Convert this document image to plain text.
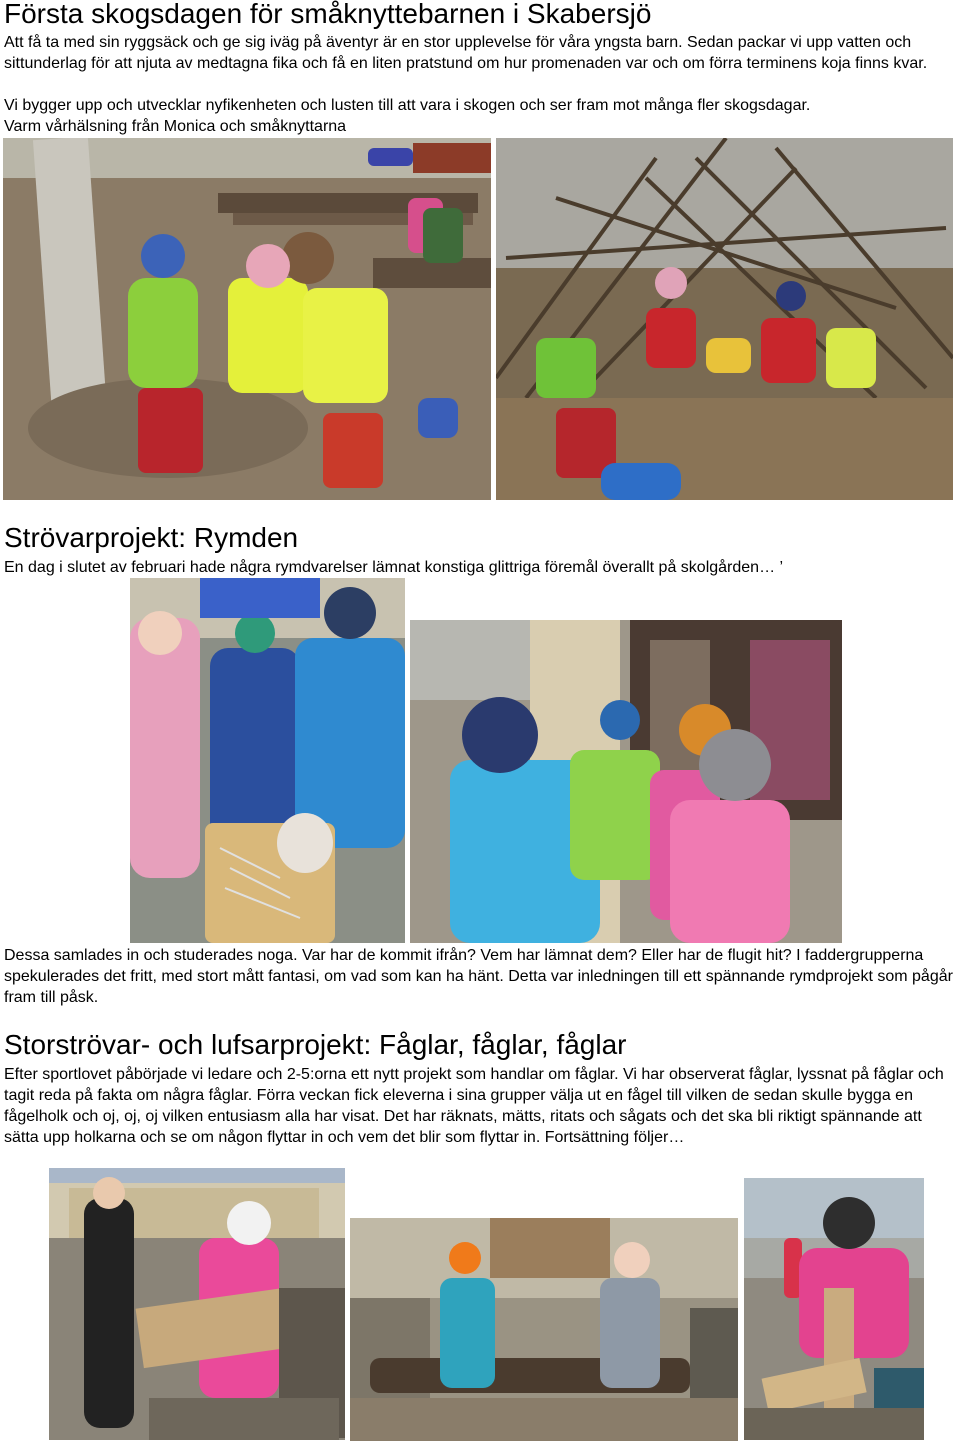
Första skogsdagen för småknyttebarnen i Skabersjö

Att få ta med sin ryggsäck och ge sig iväg på äventyr är en stor upplevelse för våra yngsta barn. Sedan packar vi upp vatten och sittunderlag för att njuta av medtagna fika och få en liten pratstund om hur promenaden var och om förra terminens koja finns kvar.

Vi bygger upp och utvecklar nyfikenheten och lusten till att vara i skogen och ser fram mot många fler skogsdagar.

Varm vårhälsning från Monica och småknyttarna

Strövarprojekt: Rymden

En dag i slutet av februari hade några rymdvarelser lämnat konstiga glittriga föremål överallt på skolgården… ’

Dessa samlades in och studerades noga. Var har de kommit ifrån? Vem har lämnat dem? Eller har de flugit hit? I faddergrupperna spekulerades det fritt, med stort mått fantasi, om vad som kan ha hänt. Detta var inledningen till ett spännande rymdprojekt som pågår fram till påsk.

Storströvar- och lufsarprojekt: Fåglar, fåglar, fåglar

Efter sportlovet påbörjade vi ledare och 2-5:orna ett nytt projekt som handlar om fåglar. Vi har observerat fåglar, lyssnat på fåglar och tagit reda på fakta om några fåglar. Förra veckan fick eleverna i sina grupper välja ut en fågel till vilken de sedan skulle bygga en fågelholk och oj, oj, oj vilken entusiasm alla har visat. Det har räknats, mätts, ritats och sågats och det ska bli riktigt spännande att sätta upp holkarna och se om någon flyttar in och vem det blir som flyttar in. Fortsättning följer…
